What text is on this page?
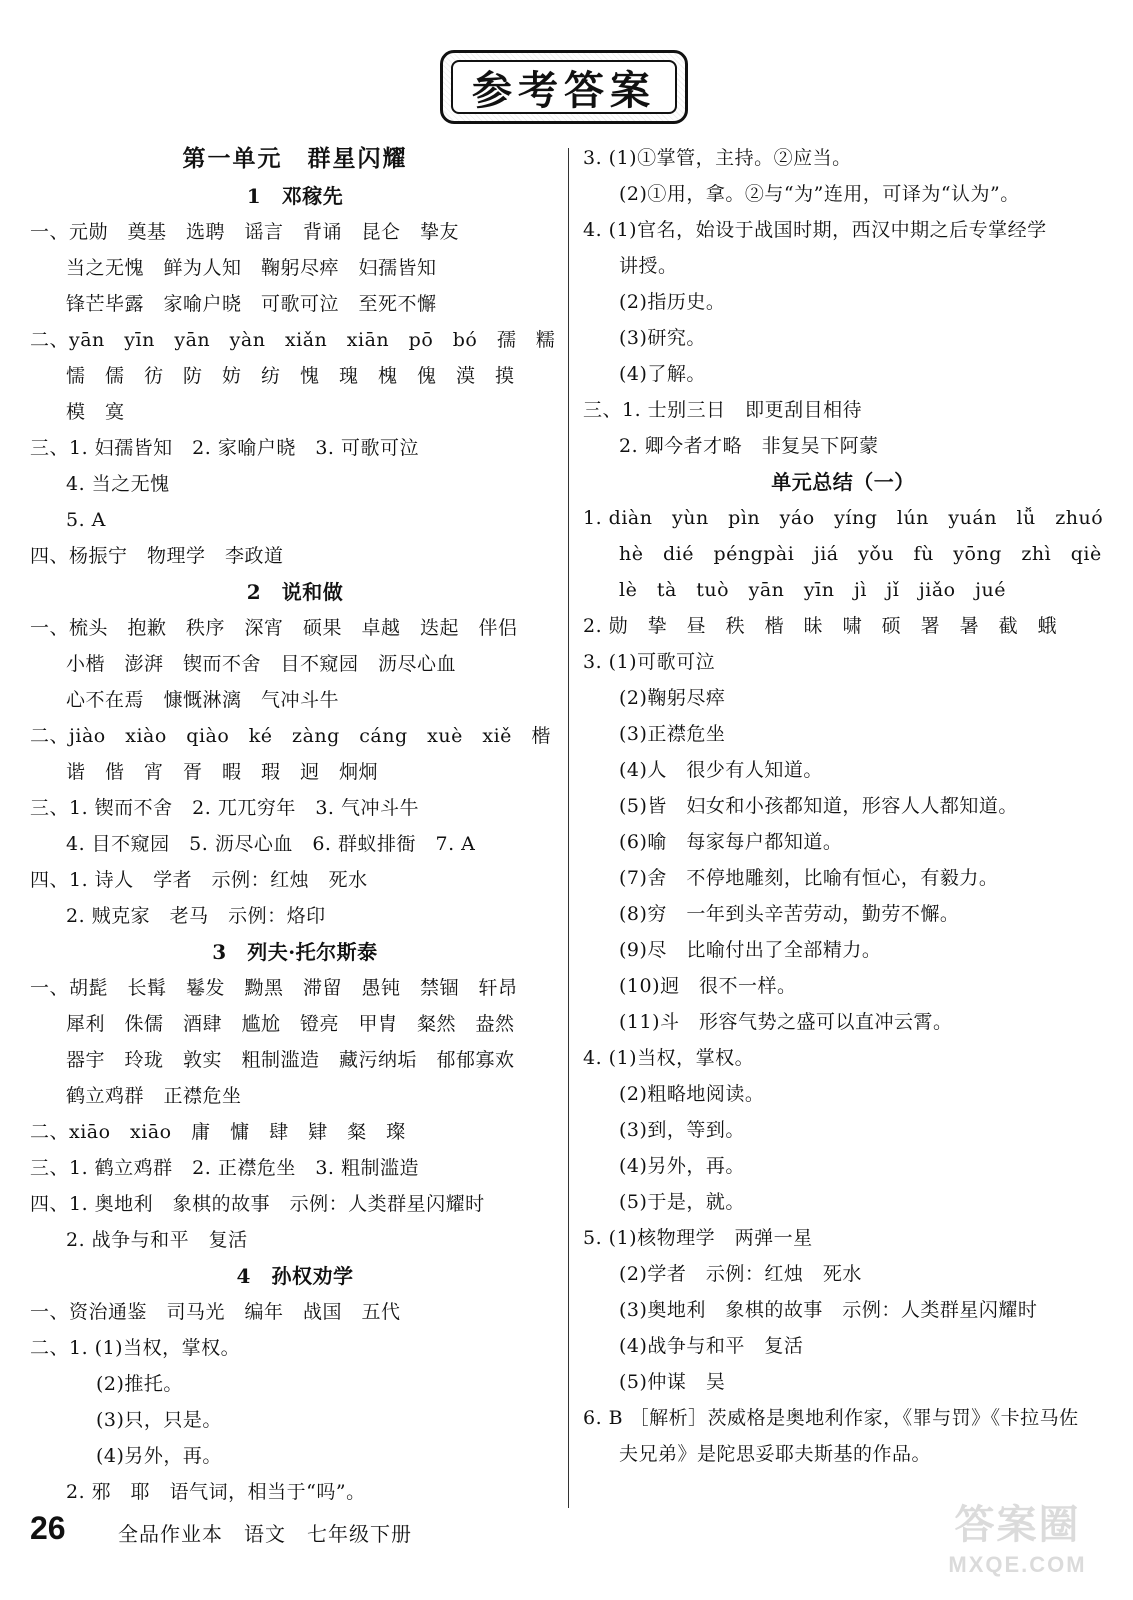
参考答案
第一单元　群星闪耀
1　邓稼先
一、元勋　奠基　选聘　谣言　背诵　昆仑　挚友
当之无愧　鲜为人知　鞠躬尽瘁　妇孺皆知
锋芒毕露　家喻户晓　可歌可泣　至死不懈
二、yān　yīn　yān　yàn　xiǎn　xiān　pō　bó　孺　糯
懦　儒　彷　防　妨　纺　愧　瑰　槐　傀　漠　摸
模　寞
三、1. 妇孺皆知　2. 家喻户晓　3. 可歌可泣
4. 当之无愧
5. A
四、杨振宁　物理学　李政道
2　说和做
一、梳头　抱歉　秩序　深宵　硕果　卓越　迭起　伴侣
小楷　澎湃　锲而不舍　目不窥园　沥尽心血
心不在焉　慷慨淋漓　气冲斗牛
二、jiào　xiào　qiào　ké　zàng　cáng　xuè　xiě　楷
谐　偕　宵　胥　暇　瑕　迥　炯炯
三、1. 锲而不舍　2. 兀兀穷年　3. 气冲斗牛
4. 目不窥园　5. 沥尽心血　6. 群蚁排衙　7. A
四、1. 诗人　学者　示例：红烛　死水
2. 贼克家　老马　示例：烙印
3　列夫·托尔斯泰
一、胡髭　长髯　鬈发　黝黑　滞留　愚钝　禁锢　轩昂
犀利　侏儒　酒肆　尴尬　镫亮　甲胄　粲然　盎然
器宇　玲珑　敦实　粗制滥造　藏污纳垢　郁郁寡欢
鹤立鸡群　正襟危坐
二、xiāo　xiāo　庸　慵　肆　肄　粲　璨
三、1. 鹤立鸡群　2. 正襟危坐　3. 粗制滥造
四、1. 奥地利　象棋的故事　示例：人类群星闪耀时
2. 战争与和平　复活
4　孙权劝学
一、资治通鉴　司马光　编年　战国　五代
二、1. (1)当权，掌权。
(2)推托。
(3)只，只是。
(4)另外，再。
2. 邪　耶　语气词，相当于“吗”。
3. (1)①掌管，主持。②应当。
(2)①用，拿。②与“为”连用，可译为“认为”。
4. (1)官名，始设于战国时期，西汉中期之后专掌经学
讲授。
(2)指历史。
(3)研究。
(4)了解。
三、1. 士别三日　即更刮目相待
2. 卿今者才略　非复吴下阿蒙
单元总结（一）
1. diàn　yùn　pìn　yáo　yíng　lún　yuán　lǚ　zhuó
hè　dié　péngpài　jiá　yǒu　fù　yōng　zhì　qiè
lè　tà　tuò　yān　yīn　jì　jǐ　jiǎo　jué
2. 勋　挚　昼　秩　楷　昧　啸　硕　署　暑　截　蛾
3. (1)可歌可泣
(2)鞠躬尽瘁
(3)正襟危坐
(4)人　很少有人知道。
(5)皆　妇女和小孩都知道，形容人人都知道。
(6)喻　每家每户都知道。
(7)舍　不停地雕刻，比喻有恒心，有毅力。
(8)穷　一年到头辛苦劳动，勤劳不懈。
(9)尽　比喻付出了全部精力。
(10)迥　很不一样。
(11)斗　形容气势之盛可以直冲云霄。
4. (1)当权，掌权。
(2)粗略地阅读。
(3)到，等到。
(4)另外，再。
(5)于是，就。
5. (1)核物理学　两弹一星
(2)学者　示例：红烛　死水
(3)奥地利　象棋的故事　示例：人类群星闪耀时
(4)战争与和平　复活
(5)仲谋　吴
6. B ［解析］茨威格是奥地利作家，《罪与罚》《卡拉马佐
夫兄弟》是陀思妥耶夫斯基的作品。
26	全品作业本　语文　七年级下册	答案圈
MXQE.COM
